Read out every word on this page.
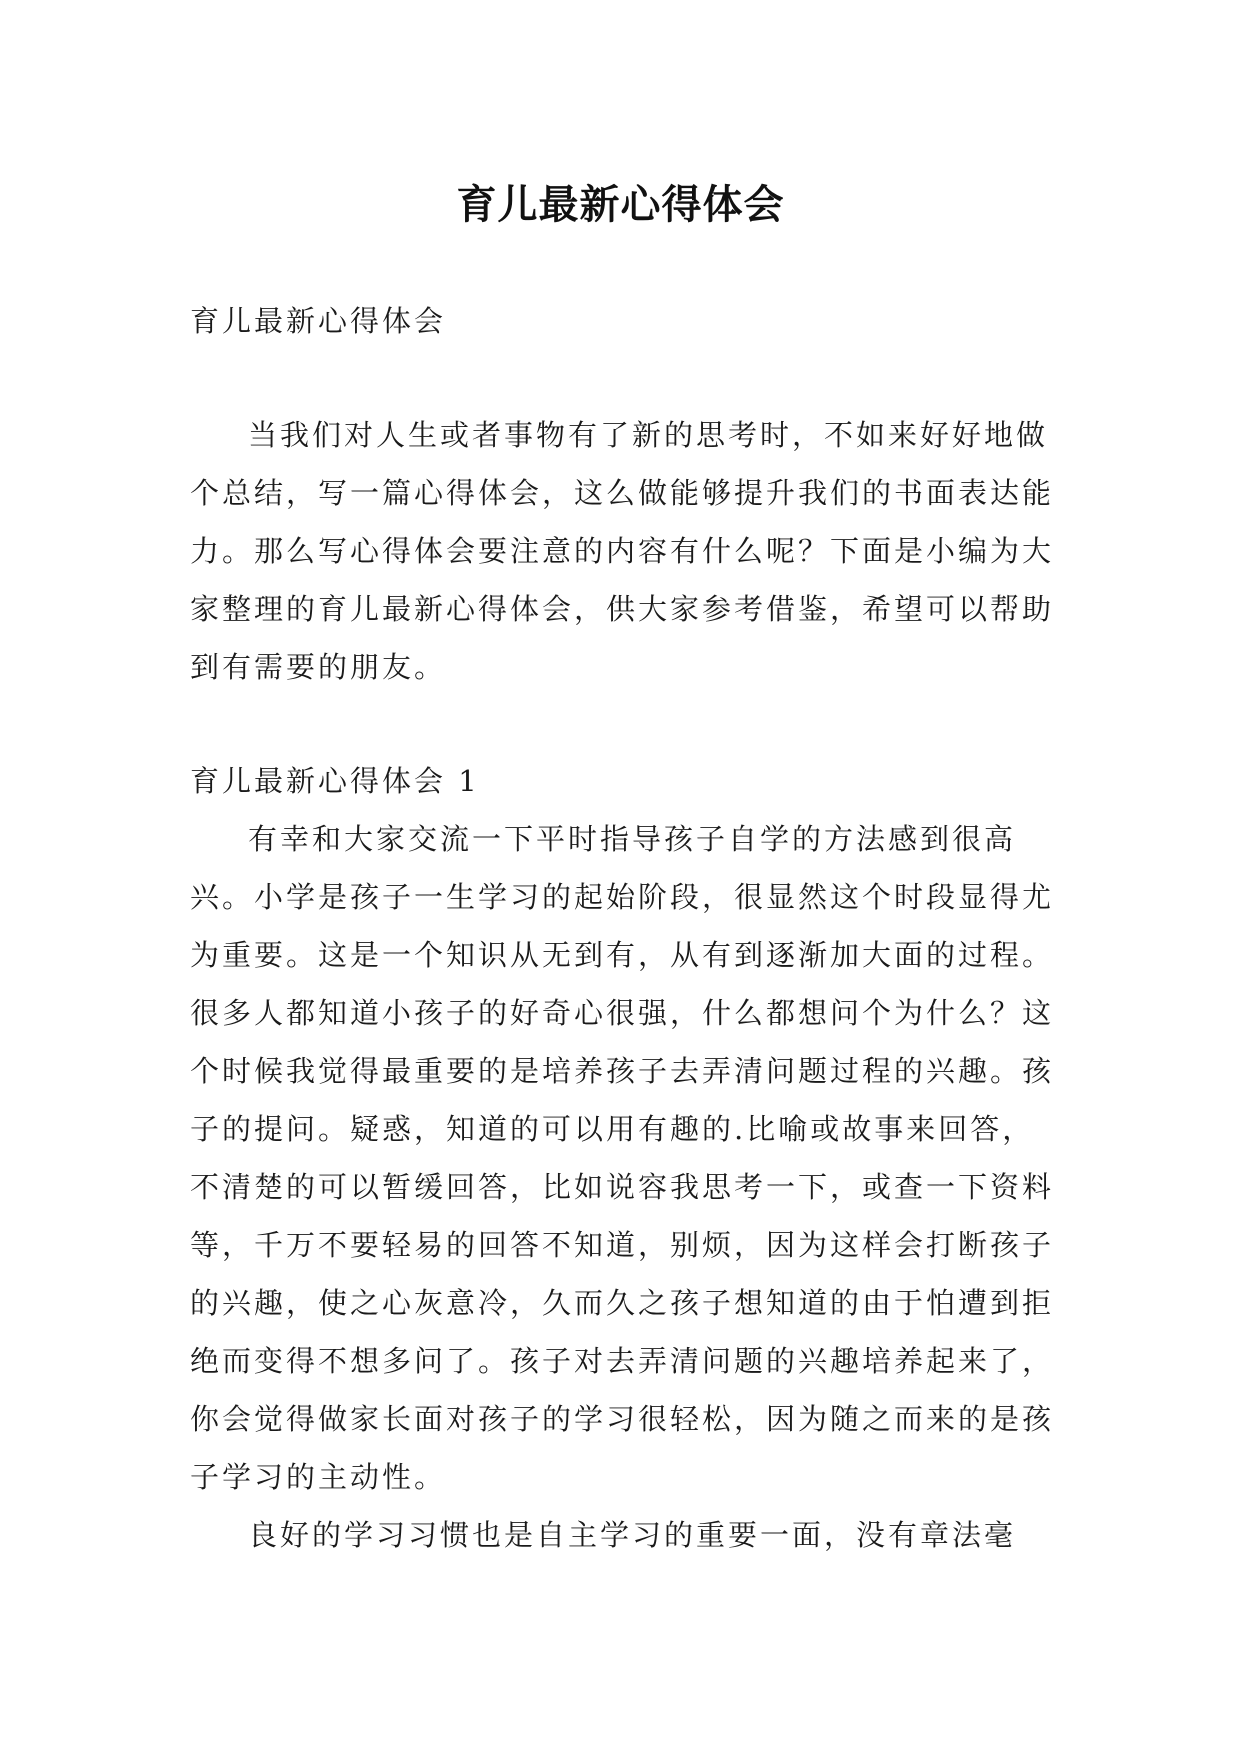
育儿最新心得体会

育儿最新心得体会

当我们对人生或者事物有了新的思考时，不如来好好地做个总结，写一篇心得体会，这么做能够提升我们的书面表达能力。那么写心得体会要注意的内容有什么呢？下面是小编为大家整理的育儿最新心得体会，供大家参考借鉴，希望可以帮助到有需要的朋友。

育儿最新心得体会 1

有幸和大家交流一下平时指导孩子自学的方法感到很高兴。小学是孩子一生学习的起始阶段，很显然这个时段显得尤为重要。这是一个知识从无到有，从有到逐渐加大面的过程。很多人都知道小孩子的好奇心很强，什么都想问个为什么？这个时候我觉得最重要的是培养孩子去弄清问题过程的兴趣。孩子的提问。疑惑，知道的可以用有趣的.比喻或故事来回答，不清楚的可以暂缓回答，比如说容我思考一下，或查一下资料等，千万不要轻易的回答不知道，别烦，因为这样会打断孩子的兴趣，使之心灰意冷，久而久之孩子想知道的由于怕遭到拒绝而变得不想多问了。孩子对去弄清问题的兴趣培养起来了，你会觉得做家长面对孩子的学习很轻松，因为随之而来的是孩子学习的主动性。

良好的学习习惯也是自主学习的重要一面，没有章法毫
